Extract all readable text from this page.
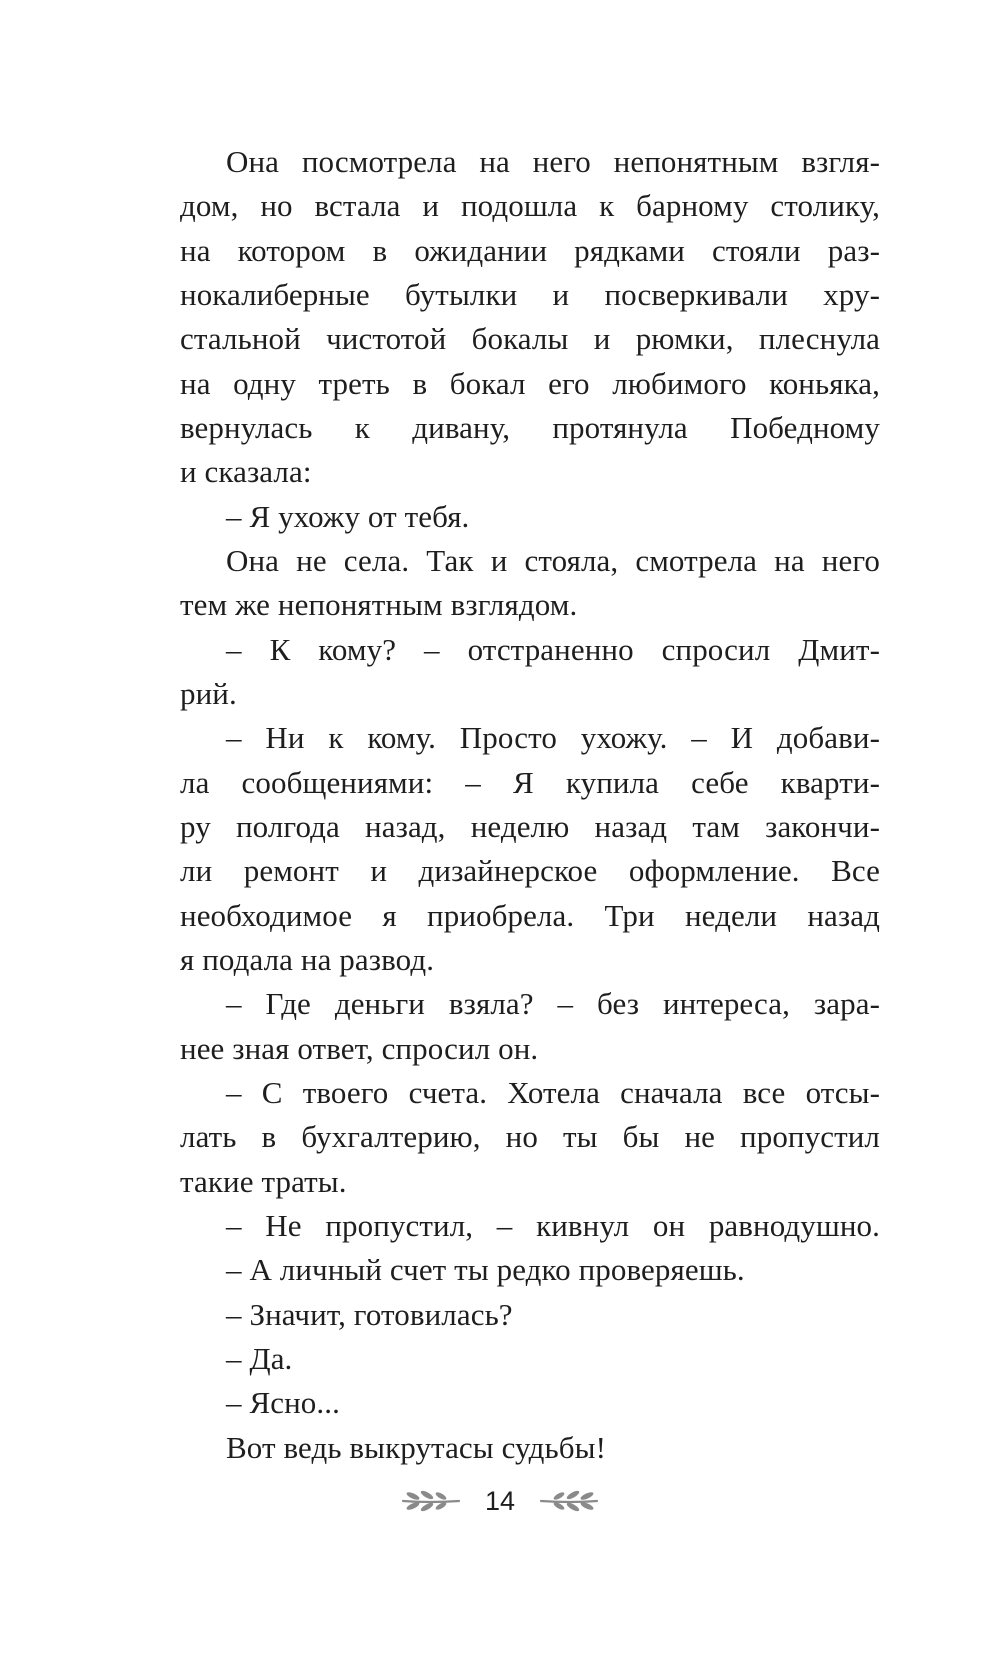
Она посмотрела на него непонятным взгля-
дом, но встала и подошла к барному столику,
на котором в ожидании рядками стояли раз-
нокалиберные бутылки и посверкивали хру-
стальной чистотой бокалы и рюмки, плеснула
на одну треть в бокал его любимого коньяка,
вернулась к дивану, протянула Победному
и сказала:
– Я ухожу от тебя.
Она не села. Так и стояла, смотрела на него
тем же непонятным взглядом.
– К кому? – отстраненно спросил Дмит-
рий.
– Ни к кому. Просто ухожу. – И добави-
ла сообщениями: – Я купила себе кварти-
ру полгода назад, неделю назад там закончи-
ли ремонт и дизайнерское оформление. Все
необходимое я приобрела. Три недели назад
я подала на развод.
– Где деньги взяла? – без интереса, зара-
нее зная ответ, спросил он.
– С твоего счета. Хотела сначала все отсы-
лать в бухгалтерию, но ты бы не пропустил
такие траты.
– Не пропустил, – кивнул он равнодушно.
– А личный счет ты редко проверяешь.
– Значит, готовилась?
– Да.
– Ясно...
Вот ведь выкрутасы судьбы!
14
